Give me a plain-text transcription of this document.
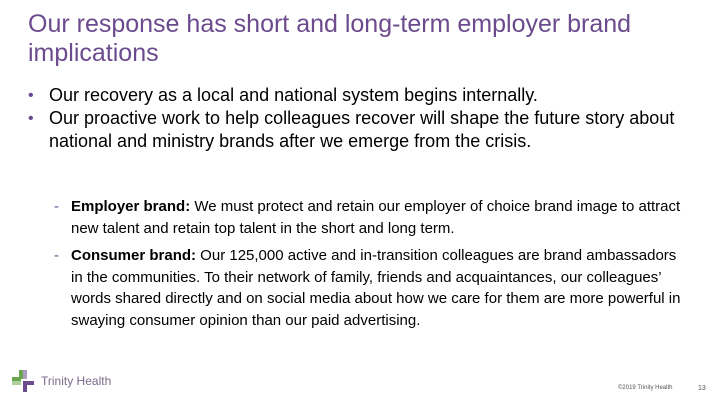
Our response has short and long-term employer brand implications
• Our recovery as a local and national system begins internally.
• Our proactive work to help colleagues recover will shape the future story about national and ministry brands after we emerge from the crisis.
- Employer brand: We must protect and retain our employer of choice brand image to attract new talent and retain top talent in the short and long term.
- Consumer brand: Our 125,000 active and in-transition colleagues are brand ambassadors in the communities. To their network of family, friends and acquaintances, our colleagues’ words shared directly and on social media about how we care for them are more powerful in swaying consumer opinion than our paid advertising.
Trinity Health	©2019 Trinity Health	13
